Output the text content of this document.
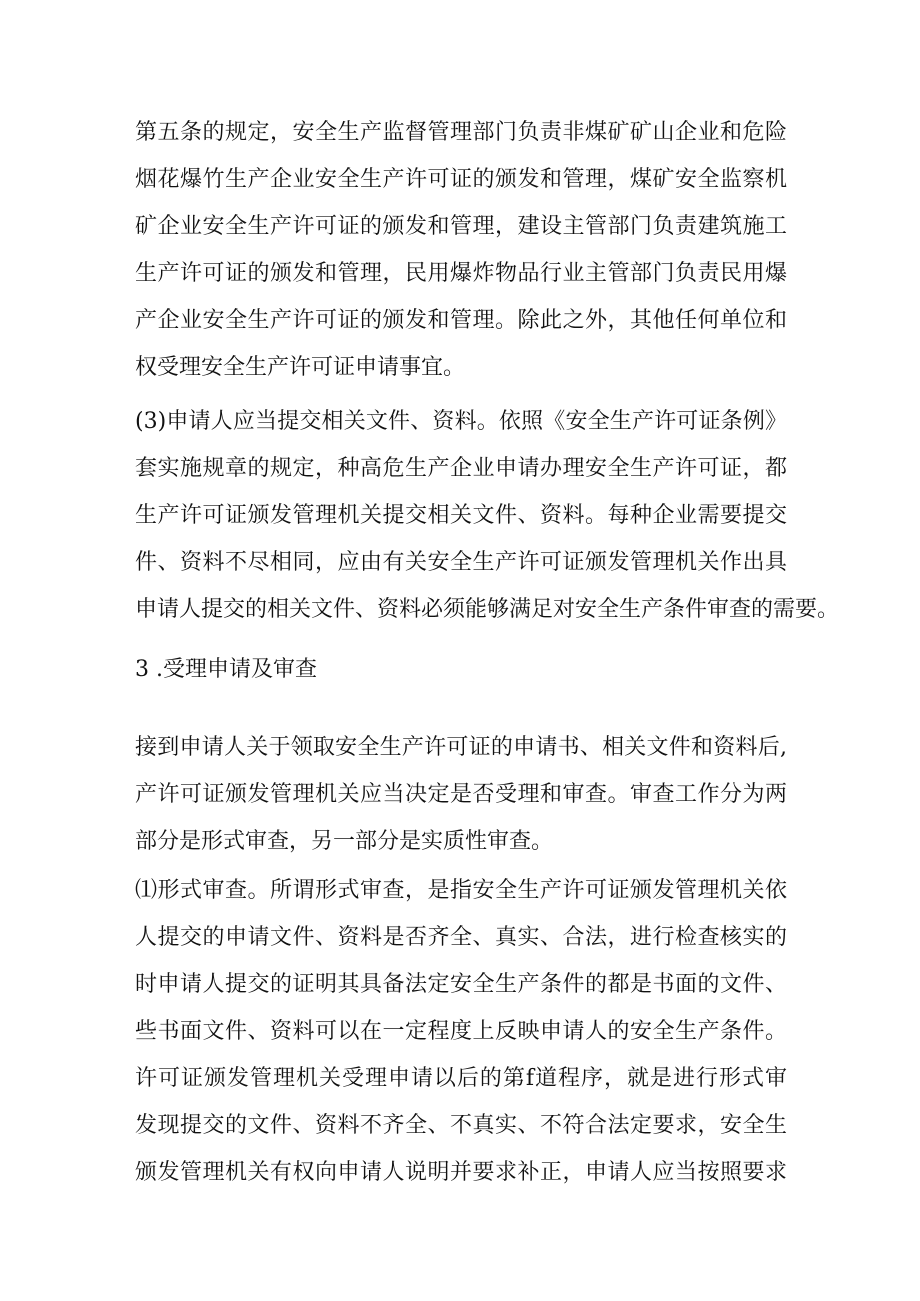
第五条的规定，安全生产监督管理部门负责非煤矿矿山企业和危险
烟花爆竹生产企业安全生产许可证的颁发和管理，煤矿安全监察机
矿企业安全生产许可证的颁发和管理，建设主管部门负责建筑施工
生产许可证的颁发和管理，民用爆炸物品行业主管部门负责民用爆
产企业安全生产许可证的颁发和管理。除此之外，其他任何单位和
权受理安全生产许可证申请事宜。
(3)申请人应当提交相关文件、资料。依照《安全生产许可证条例》
套实施规章的规定，种高危生产企业申请办理安全生产许可证，都
生产许可证颁发管理机关提交相关文件、资料。每种企业需要提交
件、资料不尽相同，应由有关安全生产许可证颁发管理机关作出具
申请人提交的相关文件、资料必须能够满足对安全生产条件审查的需要。
3 .受理申请及审查
接到申请人关于领取安全生产许可证的申请书、相关文件和资料后,
产许可证颁发管理机关应当决定是否受理和审查。审查工作分为两
部分是形式审查，另一部分是实质性审查。
⑴形式审查。所谓形式审查，是指安全生产许可证颁发管理机关依
人提交的申请文件、资料是否齐全、真实、合法，进行检查核实的
时申请人提交的证明其具备法定安全生产条件的都是书面的文件、
些书面文件、资料可以在一定程度上反映申请人的安全生产条件。
许可证颁发管理机关受理申请以后的第f道程序，就是进行形式审
发现提交的文件、资料不齐全、不真实、不符合法定要求，安全生
颁发管理机关有权向申请人说明并要求补正，申请人应当按照要求
